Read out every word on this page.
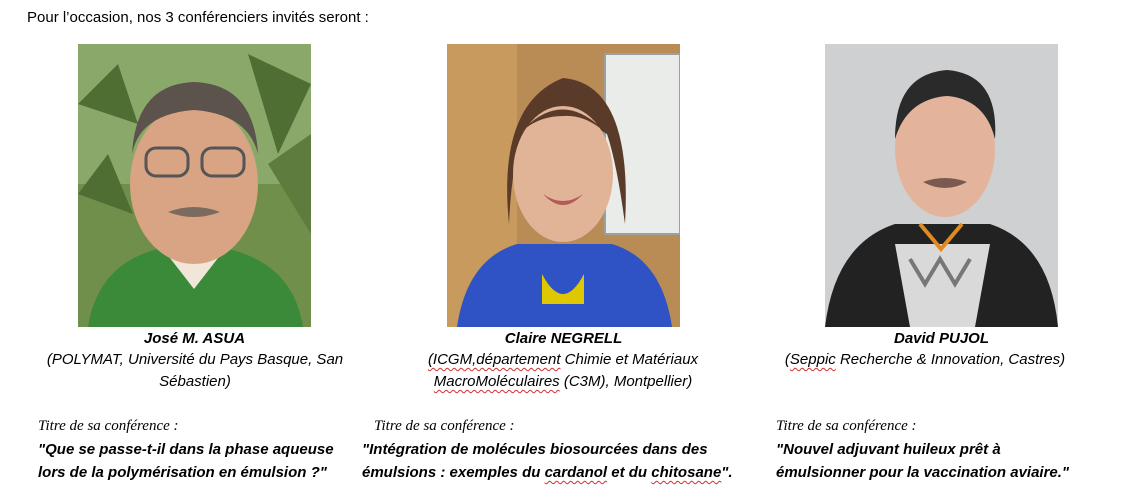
Pour l’occasion, nos 3 conférenciers invités seront :
José M. ASUA
(POLYMAT, Université du Pays Basque, San
Sébastien)
Titre de sa conférence :
"Que se passe-t-il dans la phase aqueuse
lors de la polymérisation en émulsion ?"
Claire NEGRELL
(ICGM,département Chimie et Matériaux
MacroMoléculaires (C3M), Montpellier)
Titre de sa conférence :
"Intégration de molécules biosourcées dans des
émulsions : exemples du cardanol et du chitosane".
David PUJOL
(Seppic Recherche & Innovation, Castres)
Titre de sa conférence :
"Nouvel adjuvant huileux prêt à
émulsionner pour la vaccination aviaire."
